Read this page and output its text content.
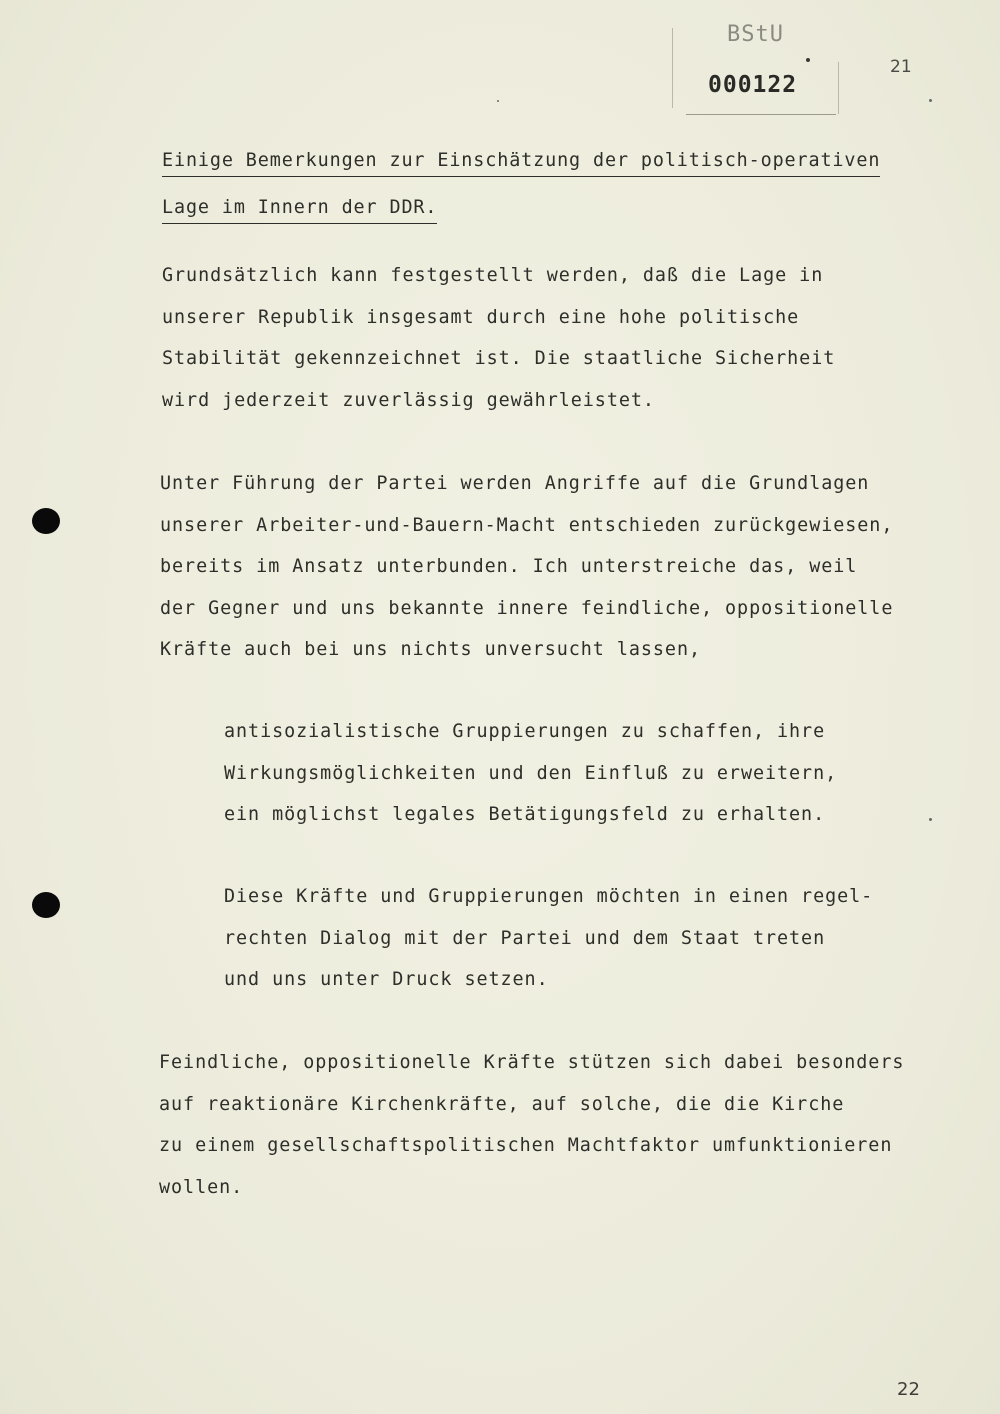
BStU
000122
21
Einige Bemerkungen zur Einschätzung der politisch-operativen
Lage im Innern der DDR.
Grundsätzlich kann festgestellt werden, daß die Lage in
unserer Republik insgesamt durch eine hohe politische
Stabilität gekennzeichnet ist. Die staatliche Sicherheit
wird jederzeit zuverlässig gewährleistet.
Unter Führung der Partei werden Angriffe auf die Grundlagen
unserer Arbeiter-und-Bauern-Macht entschieden zurückgewiesen,
bereits im Ansatz unterbunden. Ich unterstreiche das, weil
der Gegner und uns bekannte innere feindliche, oppositionelle
Kräfte auch bei uns nichts unversucht lassen,
antisozialistische Gruppierungen zu schaffen, ihre
Wirkungsmöglichkeiten und den Einfluß zu erweitern,
ein möglichst legales Betätigungsfeld zu erhalten.
Diese Kräfte und Gruppierungen möchten in einen regel-
rechten Dialog mit der Partei und dem Staat treten
und uns unter Druck setzen.
Feindliche, oppositionelle Kräfte stützen sich dabei besonders
auf reaktionäre Kirchenkräfte, auf solche, die die Kirche
zu einem gesellschaftspolitischen Machtfaktor umfunktionieren
wollen.
22
